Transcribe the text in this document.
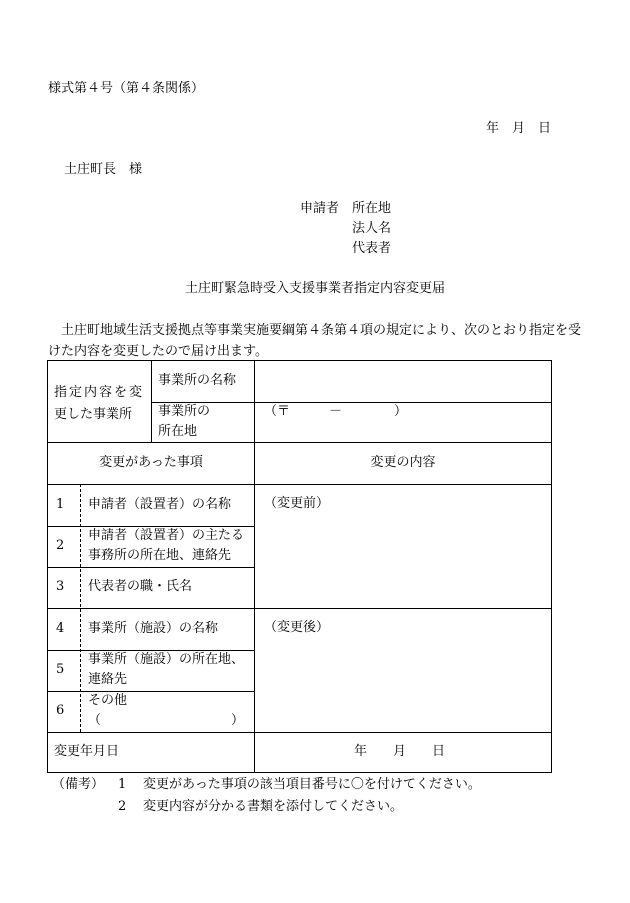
様式第４号（第４条関係）
年　月　日
土庄町長　様
申請者 所在地
法人名
代表者
土庄町緊急時受入支援事業者指定内容変更届
土庄町地域生活支援拠点等事業実施要綱第４条第４項の規定により、次のとおり指定を受けた内容を変更したので届け出ます。
指定内容を変
更した事業所
事業所の名称
事業所の
所在地
（〒　　　－　　　　）
変更があった事項	変更の内容
（変更前）
（変更後）
1 申請者（設置者）の名称
2
申請者（設置者）の主たる
事務所の所在地、連絡先
3 代表者の職・氏名
4 事業所（施設）の名称
5
事業所（施設）の所在地、
連絡先
6
その他
（　　　　　　　　　　）
変更年月日	年　　月　　日
（備考） 1 変更があった事項の該当項目番号に〇を付けてください。
2 変更内容が分かる書類を添付してください。
